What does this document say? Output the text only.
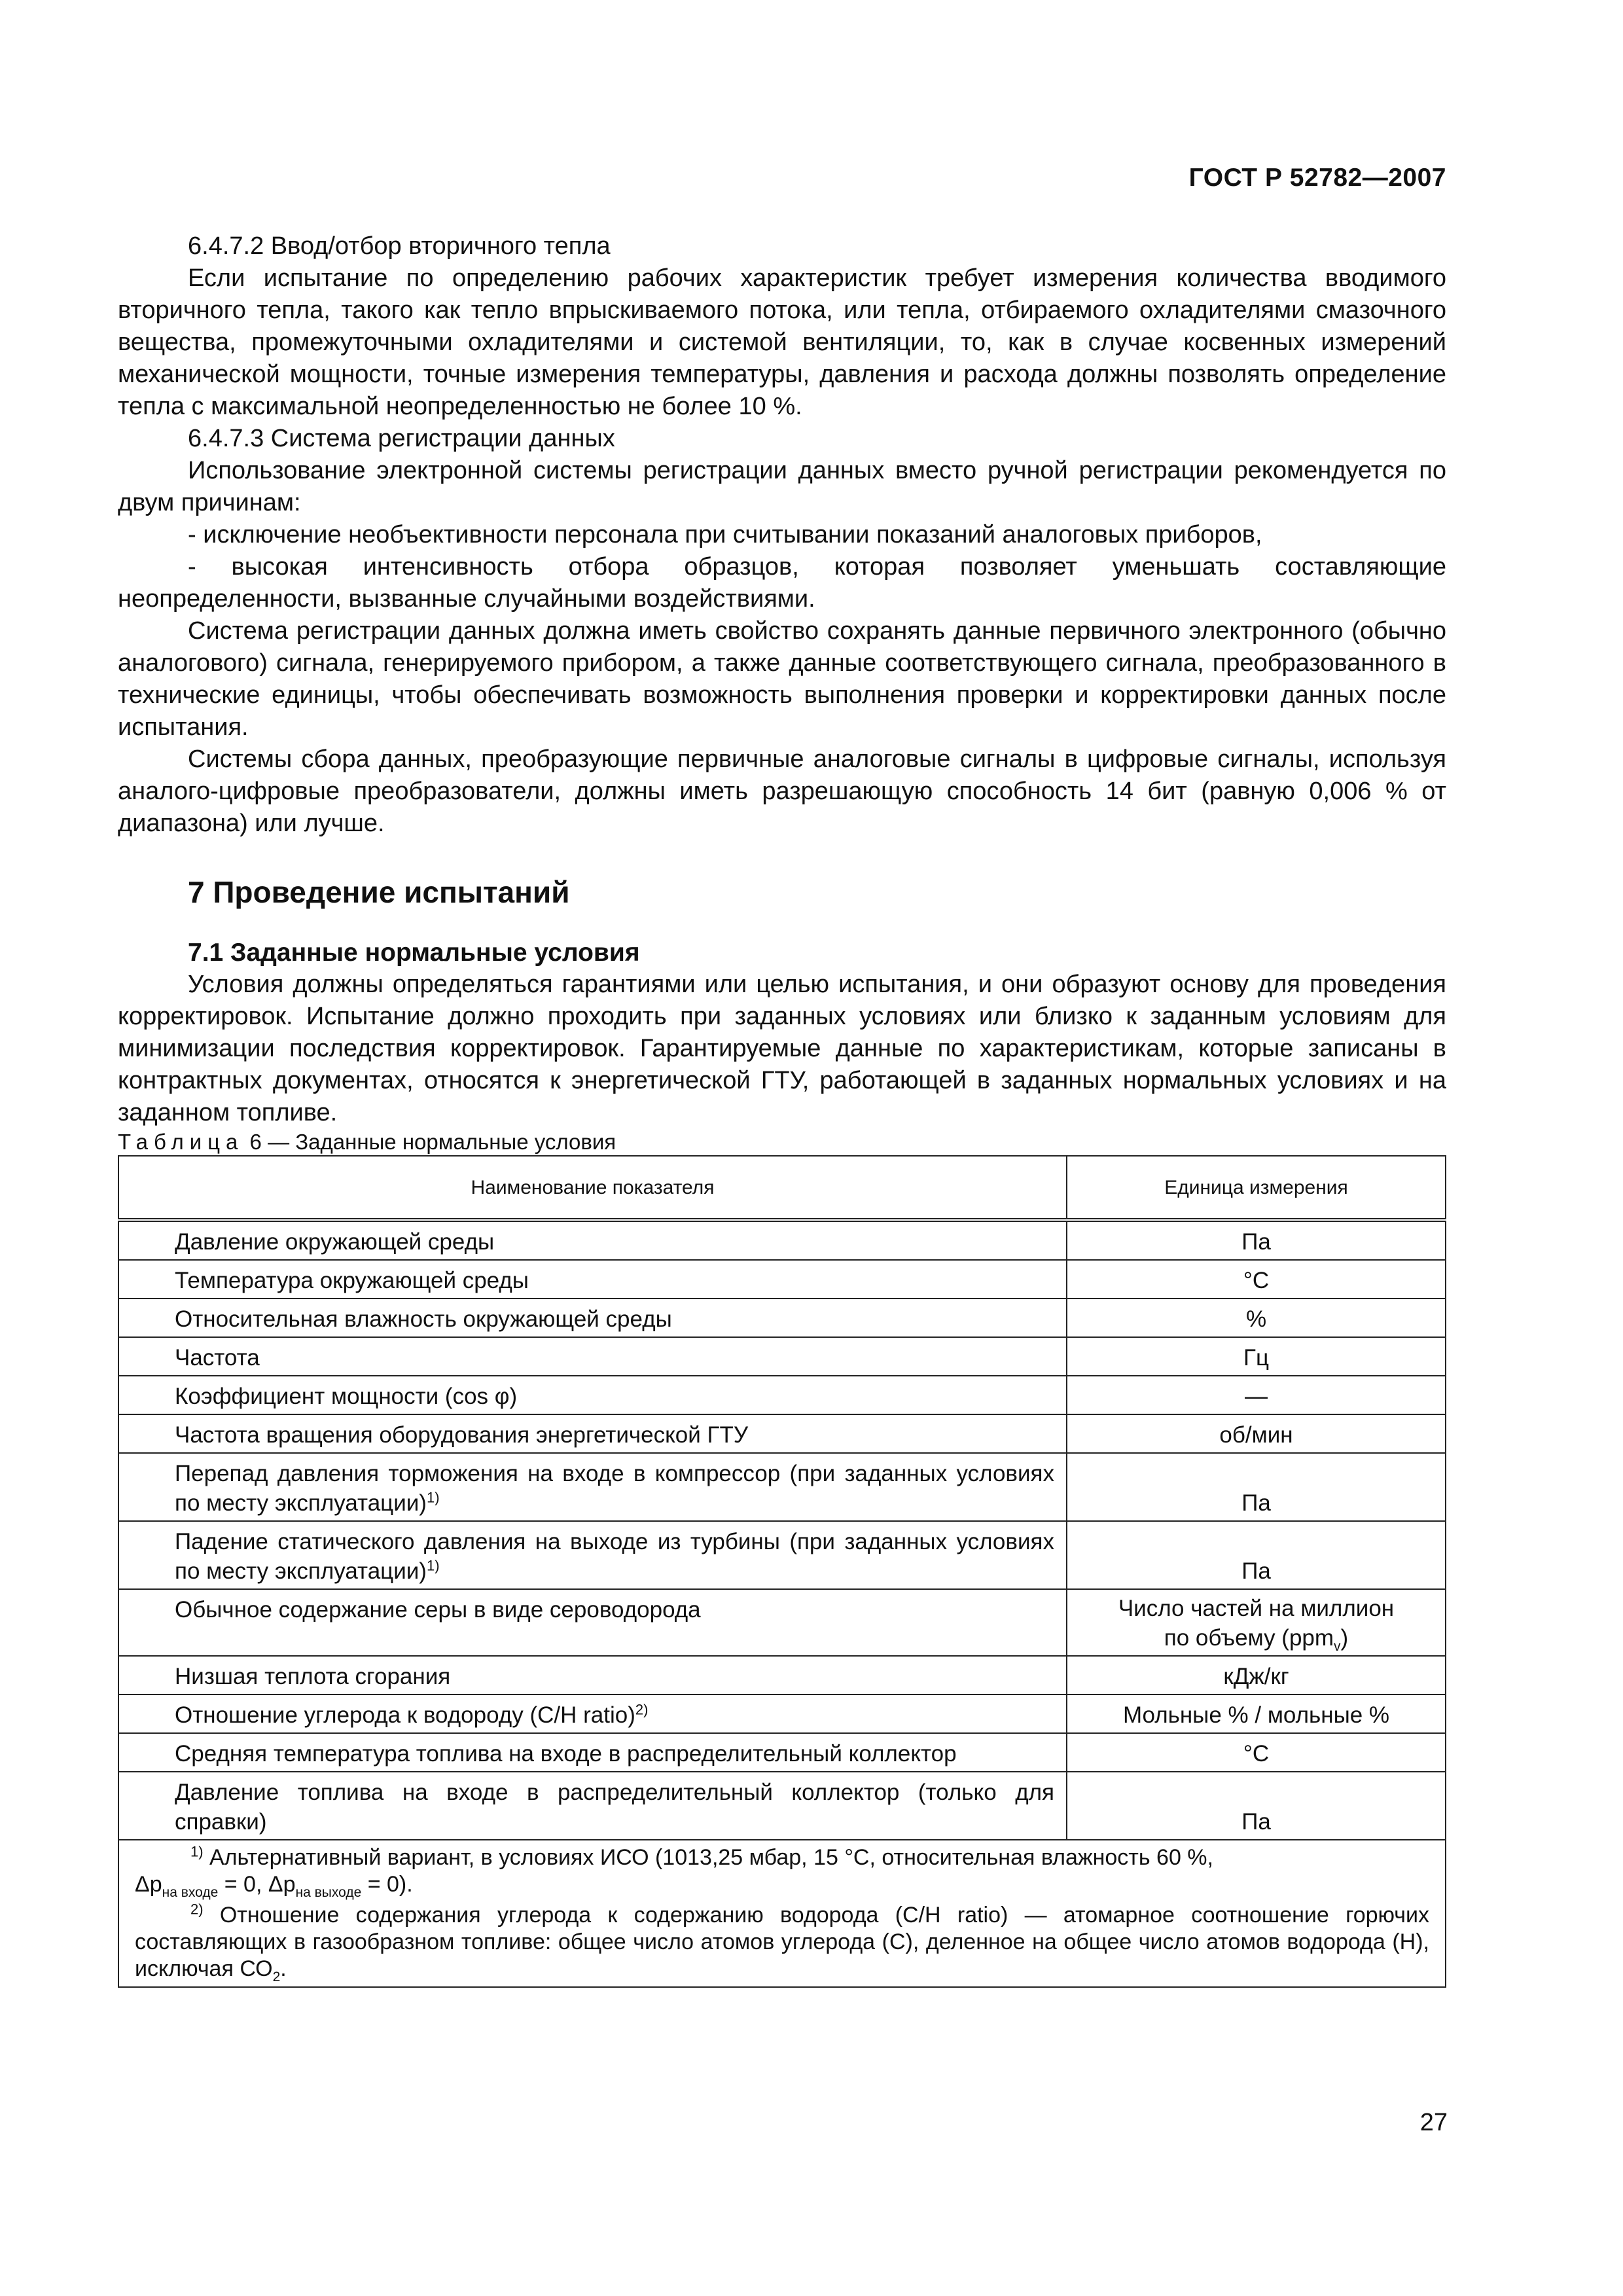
ГОСТ Р 52782—2007

6.4.7.2 Ввод/отбор вторичного тепла

Если испытание по определению рабочих характеристик требует измерения количества вводимого вторичного тепла, такого как тепло впрыскиваемого потока, или тепла, отбираемого охладителями смазочного вещества, промежуточными охладителями и системой вентиляции, то, как в случае косвенных измерений механической мощности, точные измерения температуры, давления и расхода должны позволять определение тепла с максимальной неопределенностью не более 10 %.

6.4.7.3 Система регистрации данных

Использование электронной системы регистрации данных вместо ручной регистрации рекомендуется по двум причинам:

- исключение необъективности персонала при считывании показаний аналоговых приборов,

- высокая интенсивность отбора образцов, которая позволяет уменьшать составляющие неопределенности, вызванные случайными воздействиями.

Система регистрации данных должна иметь свойство сохранять данные первичного электронного (обычно аналогового) сигнала, генерируемого прибором, а также данные соответствующего сигнала, преобразованного в технические единицы, чтобы обеспечивать возможность выполнения проверки и корректировки данных после испытания.

Системы сбора данных, преобразующие первичные аналоговые сигналы в цифровые сигналы, используя аналого-цифровые преобразователи, должны иметь разрешающую способность 14 бит (равную 0,006 % от диапазона) или лучше.

7 Проведение испытаний
7.1 Заданные нормальные условия

Условия должны определяться гарантиями или целью испытания, и они образуют основу для проведения корректировок. Испытание должно проходить при заданных условиях или близко к заданным условиям для минимизации последствия корректировок. Гарантируемые данные по характеристикам, которые записаны в контрактных документах, относятся к энергетической ГТУ, работающей в заданных нормальных условиях и на заданном топливе.

Таблица 6 — Заданные нормальные условия

Наименование показателя	Единица измерения
Давление окружающей среды	Па
Температура окружающей среды	°С
Относительная влажность окружающей среды	%
Частота	Гц
Коэффициент мощности (cos φ)	—
Частота вращения оборудования энергетической ГТУ	об/мин
Перепад давления торможения на входе в компрессор (при заданных условиях по месту эксплуатации)$^{1)}$	Па
Падение статического давления на выходе из турбины (при заданных условиях по месту эксплуатации)$^{1)}$	Па
Обычное содержание серы в виде сероводорода	Число частей на миллион
по объему (ppm$_v$)
Низшая теплота сгорания	кДж/кг
Отношение углерода к водороду (С/Н ratio)$^{2)}$	Мольные % / мольные %
Средняя температура топлива на входе в распределительный коллектор	°С
Давление топлива на входе в распределительный коллектор (только для справки)	Па

$^{1)}$ Альтернативный вариант, в условиях ИСО (1013,25 мбар, 15 °С, относительная влажность 60 %,

$\Delta р_{на входе} = 0$, $\Delta р_{на выходе} = 0$).

$^{2)}$ Отношение содержания углерода к содержанию водорода (С/Н ratio) — атомарное соотношение горючих составляющих в газообразном топливе: общее число атомов углерода (С), деленное на общее число атомов водорода (Н), исключая $СО_2$.	

27
